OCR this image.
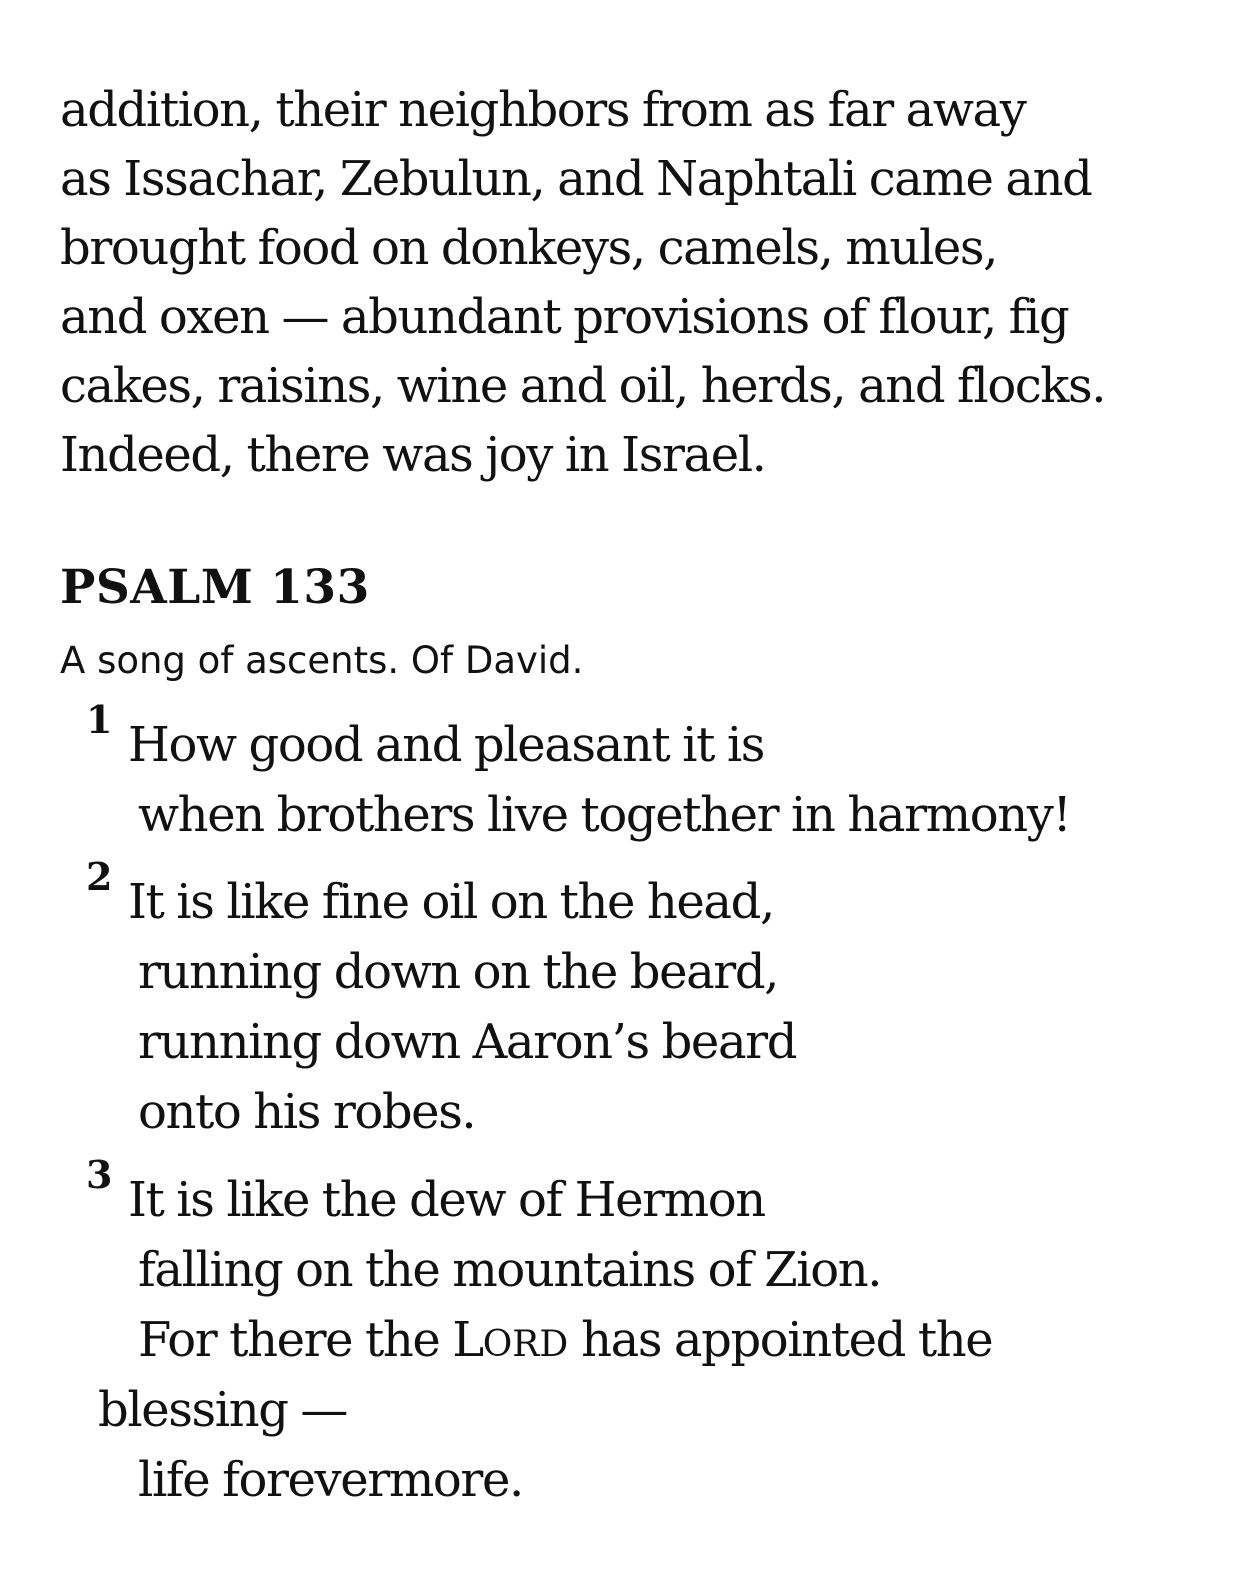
addition, their neighbors from as far away
as Issachar, Zebulun, and Naphtali came and
brought food on donkeys, camels, mules,
and oxen — abundant provisions of flour, fig
cakes, raisins, wine and oil, herds, and flocks.
Indeed, there was joy in Israel.

PSALM 133

A song of ascents. Of David.

1 How good and pleasant it is
when brothers live together in harmony!
2 It is like fine oil on the head,
running down on the beard,
running down Aaron’s beard
onto his robes.
3 It is like the dew of Hermon
falling on the mountains of Zion.
For there the LORD has appointed the
blessing —
life forevermore.
